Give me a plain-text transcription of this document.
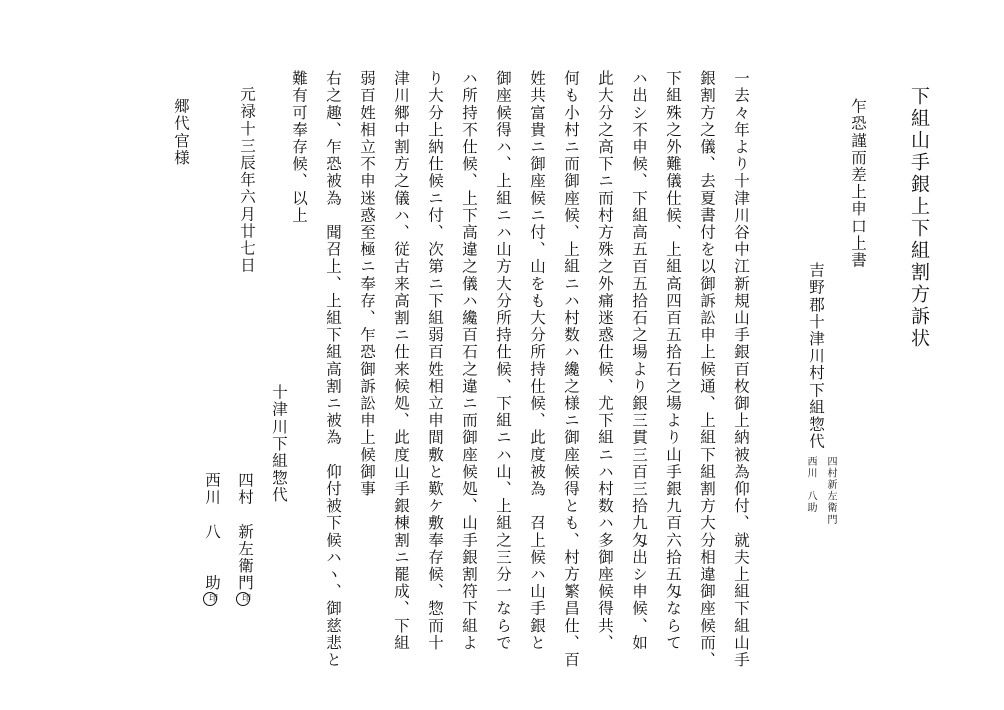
下組山手銀上下組割方訴状
乍恐謹而差上申口上書
吉野郡十津川村下組惣代
四村新左衛門
西川　八助
一去々年より十津川谷中江新規山手銀百枚御上納被為仰付、就夫上組下組山手
銀割方之儀、去夏書付を以御訴訟申上候通、上組下組割方大分相違御座候而、
下組殊之外難儀仕候、上組高四百五拾石之場より山手銀九百六拾五匁ならて
ハ出シ不申候、下組高五百五拾石之場より銀三貫三百三拾九匁出シ申候、如
此大分之高下ニ而村方殊之外痛迷惑仕候、尤下組ニハ村数ハ多御座候得共、
何も小村ニ而御座候、上組ニハ村数ハ纔之様ニ御座候得とも、村方繁昌仕、百
姓共富貴ニ御座候ニ付、山をも大分所持仕候、此度被為　召上候ハ山手銀と
御座候得ハ、上組ニハ山方大分所持仕候、下組ニハ山、上組之三分一ならで
ハ所持不仕候、上下高違之儀ハ纔百石之違ニ而御座候処、山手銀割符下組よ
り大分上納仕候ニ付、次第ニ下組弱百姓相立申間敷と歎ケ敷奉存候、惣而十
津川郷中割方之儀ハ、従古来高割ニ仕来候処、此度山手銀棟割ニ罷成、下組
弱百姓相立不申迷惑至極ニ奉存、乍恐御訴訟申上候御事
右之趣、乍恐被為　聞召上、上組下組高割ニ被為　仰付被下候ハヽ、御慈悲と
難有可奉存候、以上
十津川下組惣代
元禄十三辰年六月廿七日
四村　新左衛門印
西川　八　　助印
郷代官様
